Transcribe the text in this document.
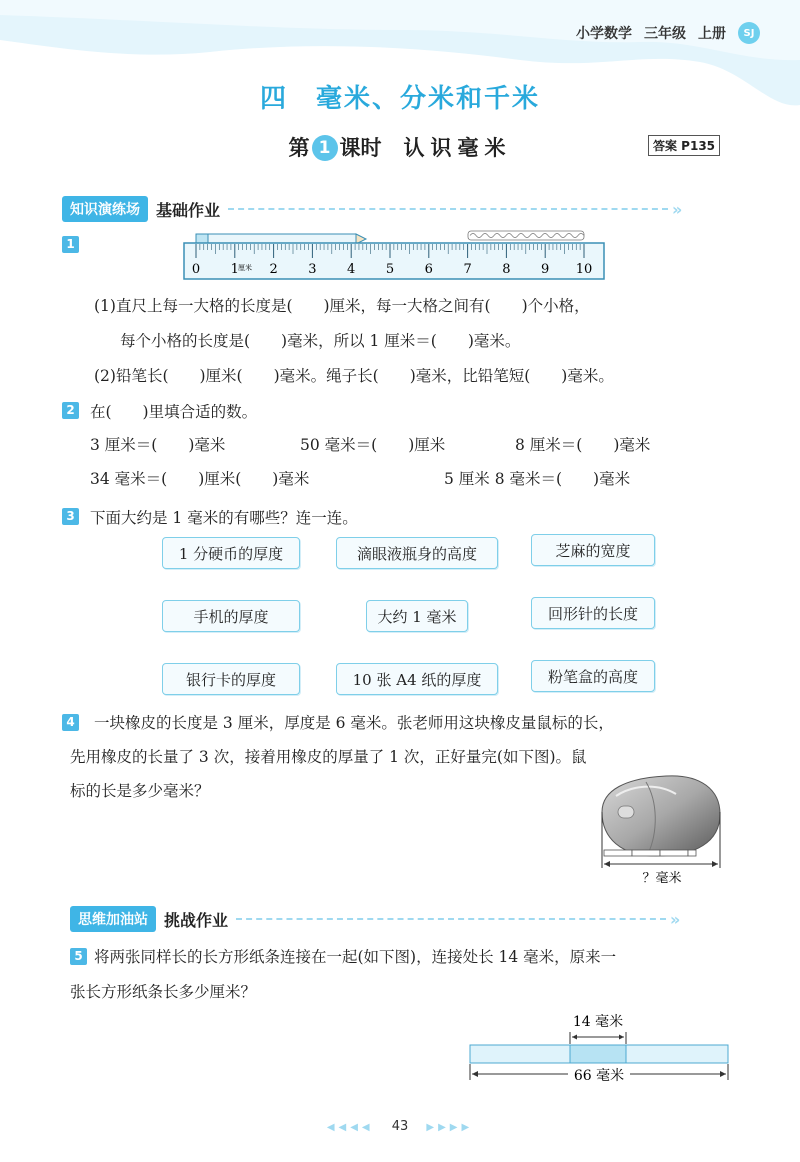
小学数学 三年级 上册	SJ
四　毫米、分米和千米
第 1 课时 认识毫米	答案 P135
知识演练场	基础作业	»
1
0 1 2 3 4 5 6 7 8 9 10
厘米
(1)直尺上每一大格的长度是(　　)厘米，每一大格之间有(　　)个小格，
每个小格的长度是(　　)毫米，所以 1 厘米＝(　　)毫米。
(2)铅笔长(　　)厘米(　　)毫米。绳子长(　　)毫米，比铅笔短(　　)毫米。
2 在(　　)里填合适的数。
3 厘米＝(　　)毫米	50 毫米＝(　　)厘米	8 厘米＝(　　)毫米
34 毫米＝(　　)厘米(　　)毫米	5 厘米 8 毫米＝(　　)毫米
3 下面大约是 1 毫米的有哪些？连一连。
1 分硬币的厚度	滴眼液瓶身的高度	芝麻的宽度
手机的厚度	大约 1 毫米	回形针的长度
银行卡的厚度	10 张 A4 纸的厚度	粉笔盒的高度
4 一块橡皮的长度是 3 厘米，厚度是 6 毫米。张老师用这块橡皮量鼠标的长，
先用橡皮的长量了 3 次，接着用橡皮的厚量了 1 次，正好量完(如下图)。鼠
标的长是多少毫米？
？毫米
思维加油站	挑战作业	»
5 将两张同样长的长方形纸条连接在一起(如下图)，连接处长 14 毫米，原来一
张长方形纸条长多少厘米？
14 毫米
66 毫米
◀◀◀◀ 43 ▶▶▶▶
